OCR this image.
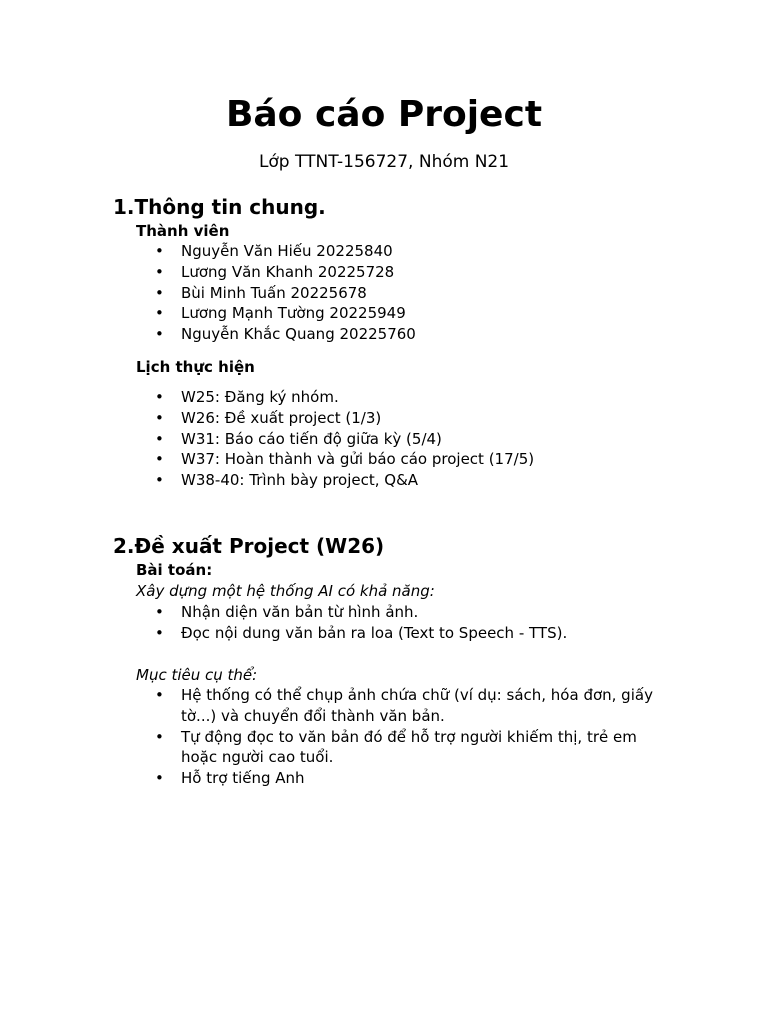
Báo cáo Project

Lớp TTNT-156727, Nhóm N21

1.Thông tin chung.
Thành viên
• Nguyễn Văn Hiếu 20225840
• Lương Văn Khanh 20225728
• Bùi Minh Tuấn 20225678
• Lương Mạnh Tường 20225949
• Nguyễn Khắc Quang 20225760
Lịch thực hiện
• W25: Đăng ký nhóm.
• W26: Đề xuất project (1/3)
• W31: Báo cáo tiến độ giữa kỳ (5/4)
• W37: Hoàn thành và gửi báo cáo project (17/5)
• W38-40: Trình bày project, Q&A
2.Đề xuất Project (W26)
Bài toán:

Xây dựng một hệ thống AI có khả năng:

• Nhận diện văn bản từ hình ảnh.
• Đọc nội dung văn bản ra loa (Text to Speech - TTS).

Mục tiêu cụ thể:

• Hệ thống có thể chụp ảnh chứa chữ (ví dụ: sách, hóa đơn, giấy tờ...) và chuyển đổi thành văn bản.
• Tự động đọc to văn bản đó để hỗ trợ người khiếm thị, trẻ em hoặc người cao tuổi.
• Hỗ trợ tiếng Anh
